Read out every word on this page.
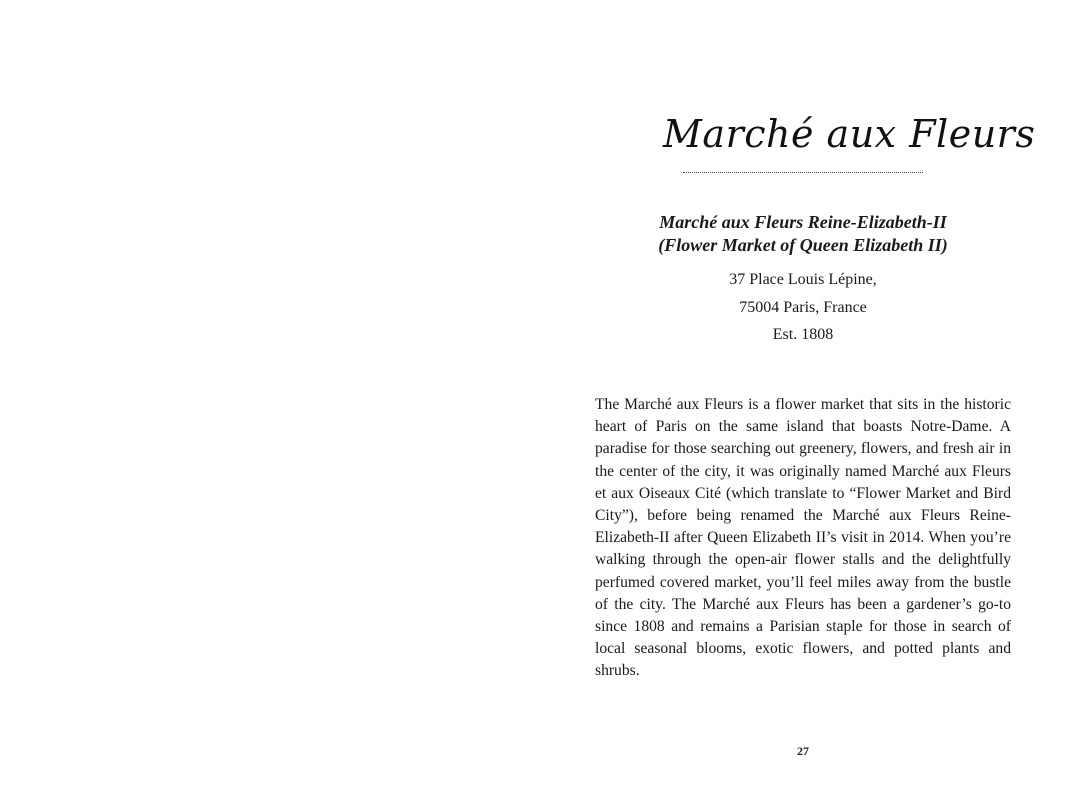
Marché aux Fleurs
Marché aux Fleurs Reine-Elizabeth-II
(Flower Market of Queen Elizabeth II)
37 Place Louis Lépine,
75004 Paris, France
Est. 1808

The Marché aux Fleurs is a flower market that sits in the historic heart of Paris on the same island that boasts Notre-Dame. A paradise for those searching out greenery, flowers, and fresh air in the center of the city, it was originally named Marché aux Fleurs et aux Oiseaux Cité (which translate to “Flower Market and Bird City”), before being renamed the Marché aux Fleurs Reine-Elizabeth-II after Queen Elizabeth II’s visit in 2014. When you’re walking through the open-air flower stalls and the delightfully perfumed covered market, you’ll feel miles away from the bustle of the city. The Marché aux Fleurs has been a gardener’s go-to since 1808 and remains a Parisian staple for those in search of local seasonal blooms, exotic flowers, and potted plants and shrubs.

27
